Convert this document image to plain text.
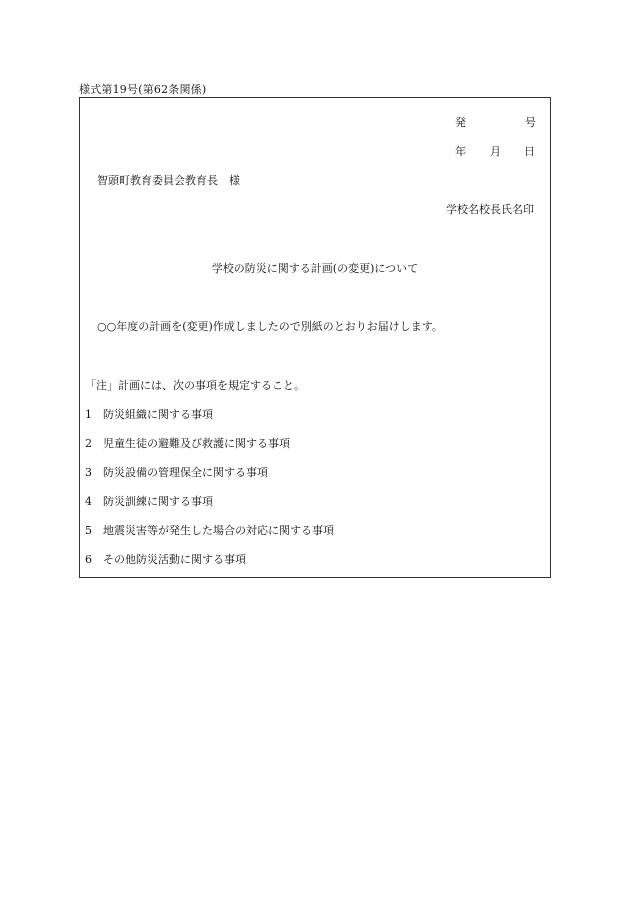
様式第19号(第62条関係)
発	号
年 月 日
智頭町教育委員会教育長　様
学校名校長氏名印
学校の防災に関する計画(の変更)について
○○年度の計画を(変更)作成しましたので別紙のとおりお届けします。
「注」計画には、次の事項を規定すること。
1 防災組織に関する事項
2 児童生徒の避難及び救護に関する事項
3 防災設備の管理保全に関する事項
4 防災訓練に関する事項
5 地震災害等が発生した場合の対応に関する事項
6 その他防災活動に関する事項
